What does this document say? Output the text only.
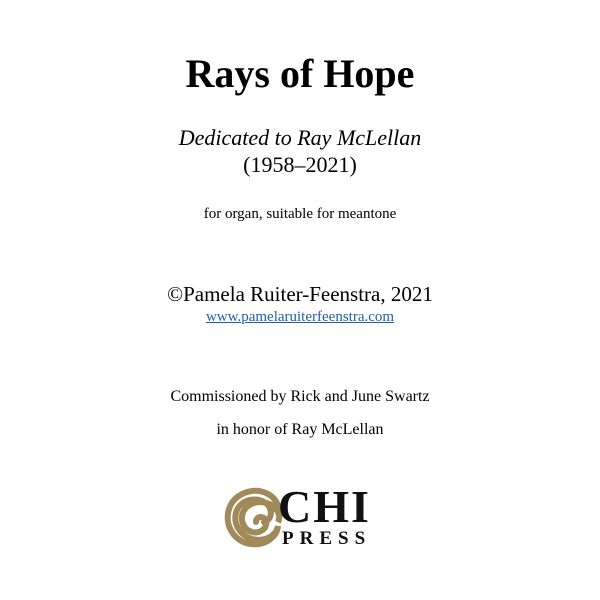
Rays of Hope
Dedicated to Ray McLellan
(1958–2021)
for organ, suitable for meantone
©Pamela Ruiter-Feenstra, 2021
www.pamelaruiterfeenstra.com
Commissioned by Rick and June Swartz
in honor of Ray McLellan
CHI
PRESS
